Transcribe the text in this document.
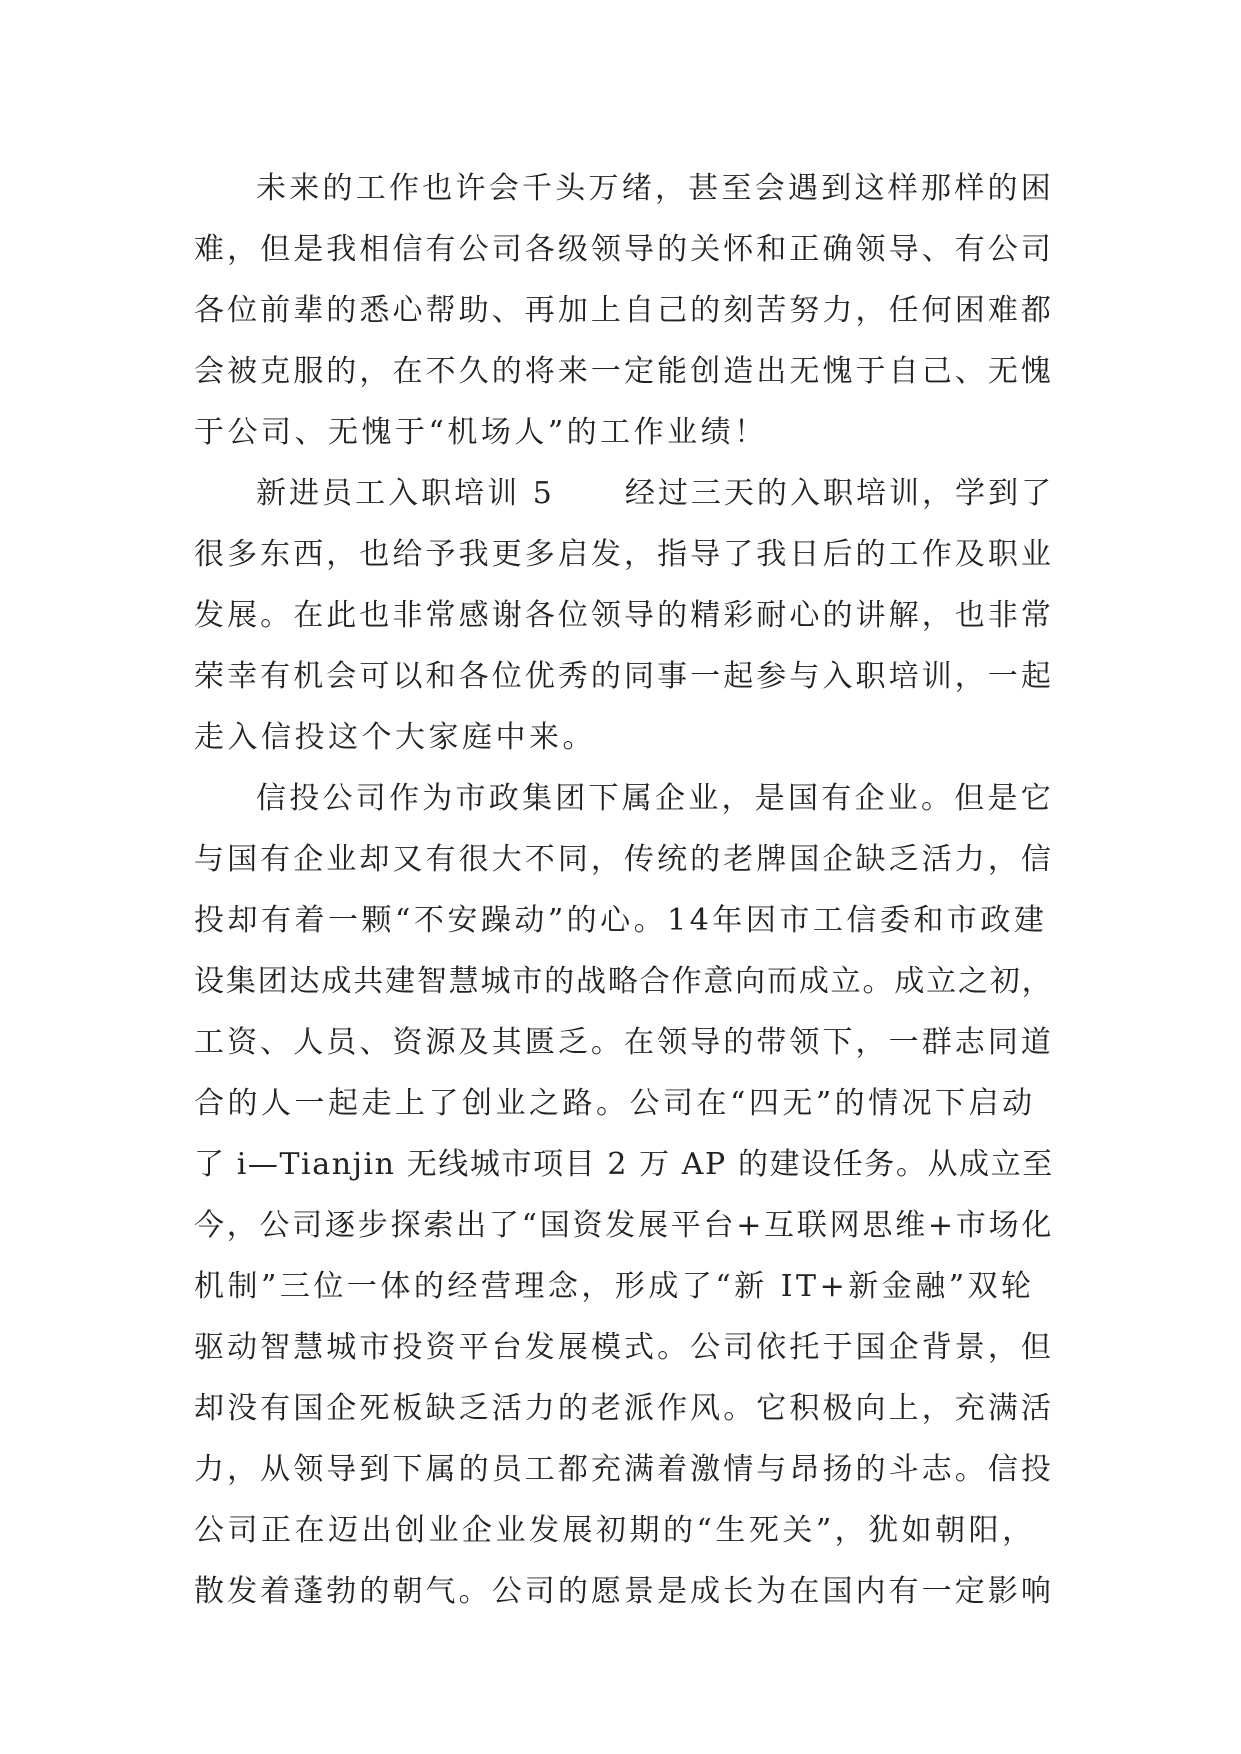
未来的工作也许会千头万绪，甚至会遇到这样那样的困
难，但是我相信有公司各级领导的关怀和正确领导、有公司
各位前辈的悉心帮助、再加上自己的刻苦努力，任何困难都
会被克服的，在不久的将来一定能创造出无愧于自己、无愧
于公司、无愧于“机场人”的工作业绩！
新进员工入职培训 5 经过三天的入职培训，学到了
很多东西，也给予我更多启发，指导了我日后的工作及职业
发展。在此也非常感谢各位领导的精彩耐心的讲解，也非常
荣幸有机会可以和各位优秀的同事一起参与入职培训，一起
走入信投这个大家庭中来。
信投公司作为市政集团下属企业，是国有企业。但是它
与国有企业却又有很大不同，传统的老牌国企缺乏活力，信
投却有着一颗“不安躁动”的心。14年因市工信委和市政建
设集团达成共建智慧城市的战略合作意向而成立。成立之初，
工资、人员、资源及其匮乏。在领导的带领下，一群志同道
合的人一起走上了创业之路。公司在“四无”的情况下启动
了 i—Tianjin 无线城市项目 2 万 AP 的建设任务。从成立至
今，公司逐步探索出了“国资发展平台+互联网思维+市场化
机制”三位一体的经营理念，形成了“新 IT+新金融”双轮
驱动智慧城市投资平台发展模式。公司依托于国企背景，但
却没有国企死板缺乏活力的老派作风。它积极向上，充满活
力，从领导到下属的员工都充满着激情与昂扬的斗志。信投
公司正在迈出创业企业发展初期的“生死关”，犹如朝阳，
散发着蓬勃的朝气。公司的愿景是成长为在国内有一定影响
